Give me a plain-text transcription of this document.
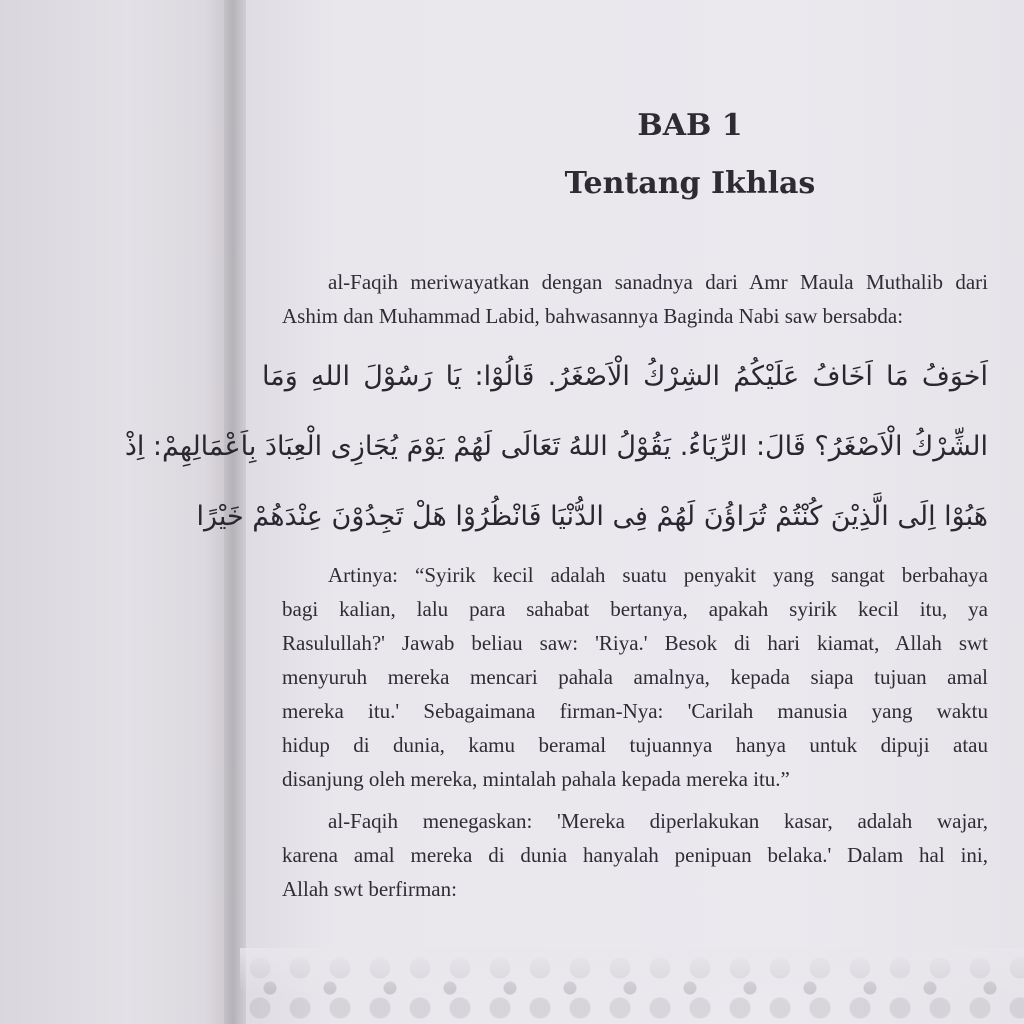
BAB 1
Tentang Ikhlas

al-Faqih meriwayatkan dengan sanadnya dari Amr Maula Muthalib dari
Ashim dan Muhammad Labid, bahwasannya Baginda Nabi saw bersabda:

اَخوَفُ مَا اَخَافُ عَلَيْكُمُ الشِرْكُ الْاَصْغَرُ. قَالُوْا: يَا رَسُوْلَ اللهِ وَمَا
الشِّرْكُ الْاَصْغَرُ؟ قَالَ: الرِّيَاءُ. يَقُوْلُ اللهُ تَعَالَى لَهُمْ يَوْمَ يُجَازِى الْعِبَادَ بِاَعْمَالِهِمْ: اِذْ
هَبُوْا اِلَى الَّذِيْنَ كُنْتُمْ تُرَاؤُنَ لَهُمْ فِى الدُّنْيَا فَانْظُرُوْا هَلْ تَجِدُوْنَ عِنْدَهُمْ خَيْرًا

Artinya: “Syirik kecil adalah suatu penyakit yang sangat berbahaya
bagi kalian, lalu para sahabat bertanya, apakah syirik kecil itu, ya
Rasulullah?' Jawab beliau saw: 'Riya.' Besok di hari kiamat, Allah swt
menyuruh mereka mencari pahala amalnya, kepada siapa tujuan amal
mereka itu.' Sebagaimana firman-Nya: 'Carilah manusia yang waktu
hidup di dunia, kamu beramal tujuannya hanya untuk dipuji atau
disanjung oleh mereka, mintalah pahala kepada mereka itu.”

al-Faqih menegaskan: 'Mereka diperlakukan kasar, adalah wajar,
karena amal mereka di dunia hanyalah penipuan belaka.' Dalam hal ini,
Allah swt berfirman:
